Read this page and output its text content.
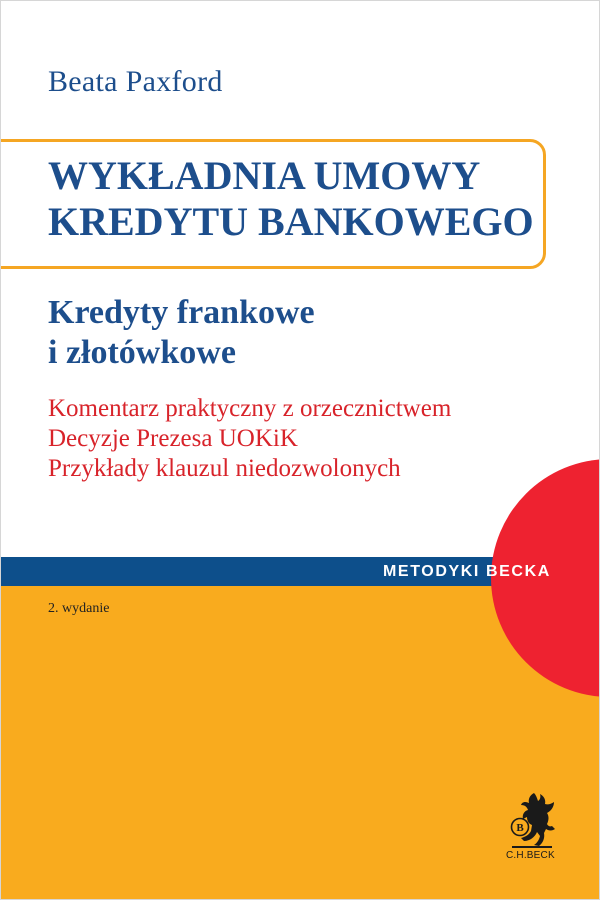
Beata Paxford
WYKŁADNIA UMOWY
KREDYTU BANKOWEGO
Kredyty frankowe
i złotówkowe
Komentarz praktyczny z orzecznictwem
Decyzje Prezesa UOKiK
Przykłady klauzul niedozwolonych
METODYKI BECKA
2. wydanie
B
C.H.BECK
